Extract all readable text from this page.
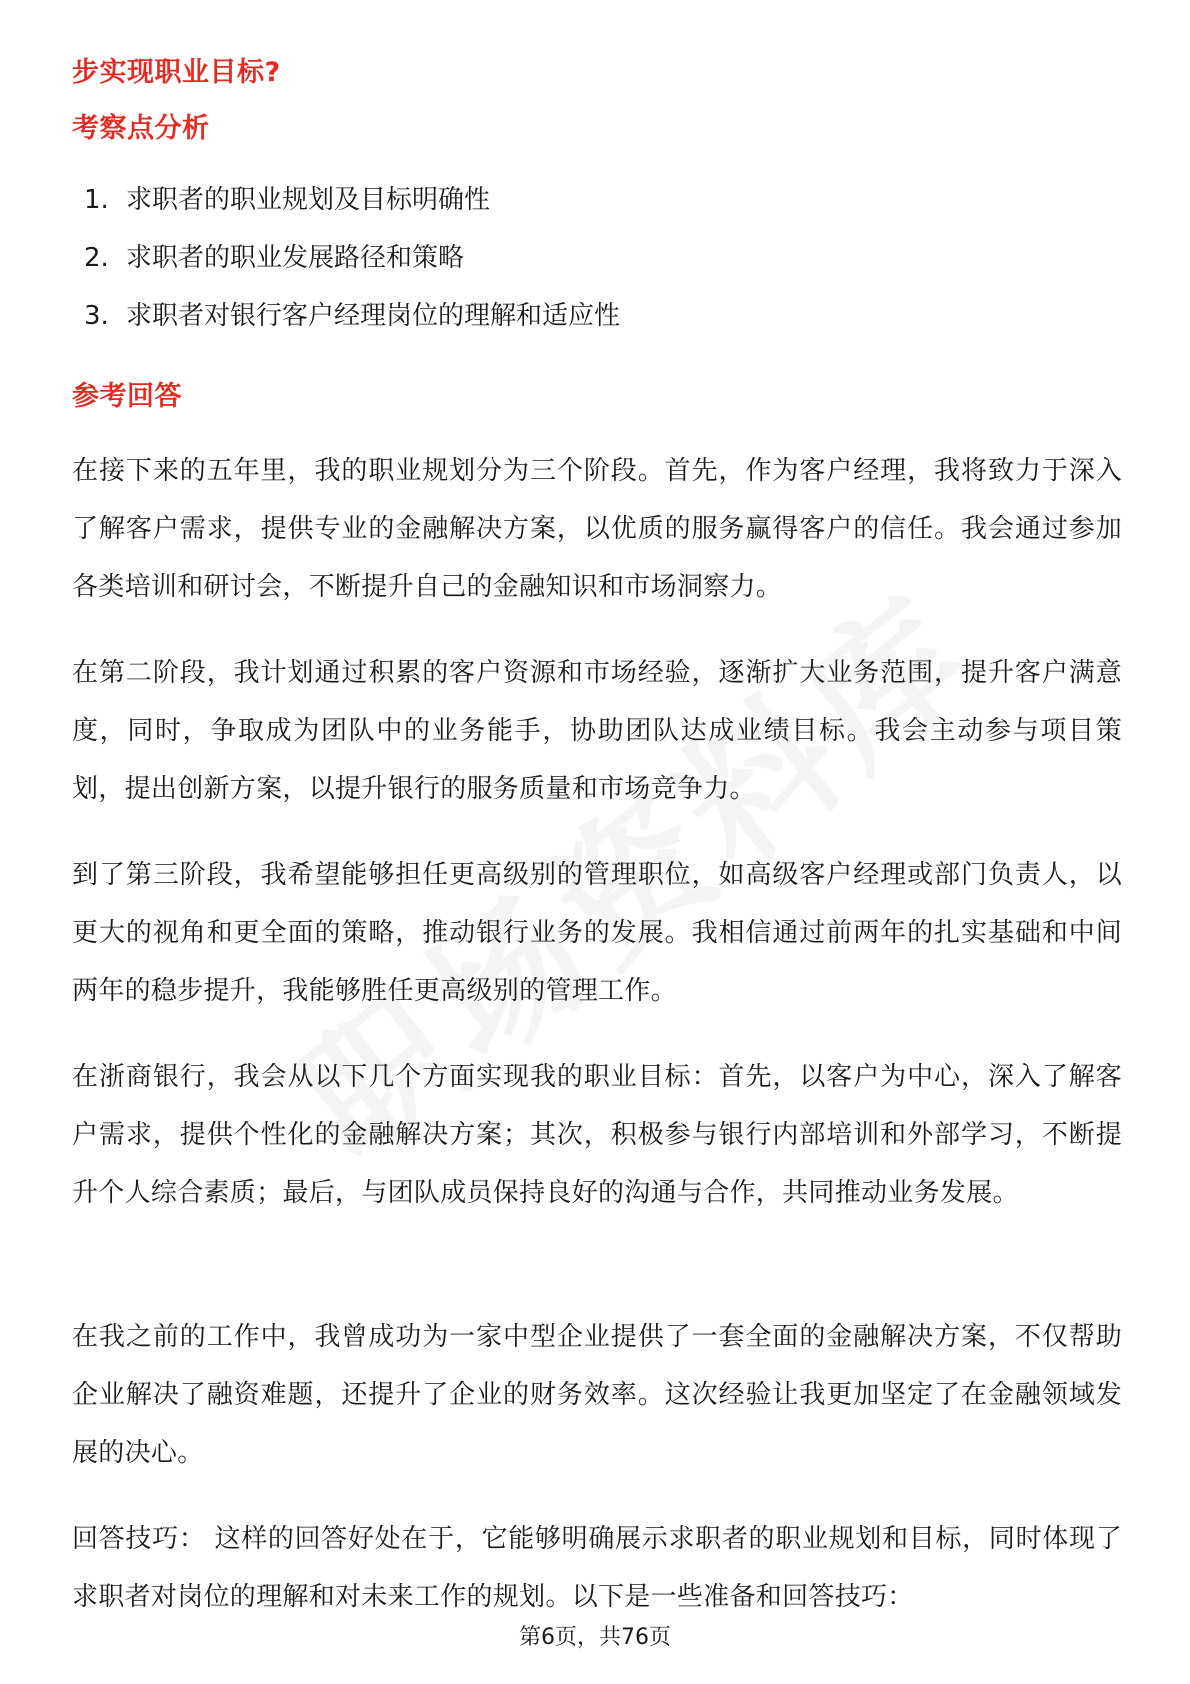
步实现职业目标?
考察点分析
1. 求职者的职业规划及目标明确性
2. 求职者的职业发展路径和策略
3. 求职者对银行客户经理岗位的理解和适应性
参考回答

在接下来的五年里，我的职业规划分为三个阶段。首先，作为客户经理，我将致力于深入了解客户需求，提供专业的金融解决方案，以优质的服务赢得客户的信任。我会通过参加各类培训和研讨会，不断提升自己的金融知识和市场洞察力。

在第二阶段，我计划通过积累的客户资源和市场经验，逐渐扩大业务范围，提升客户满意度，同时，争取成为团队中的业务能手，协助团队达成业绩目标。我会主动参与项目策划，提出创新方案，以提升银行的服务质量和市场竞争力。

到了第三阶段，我希望能够担任更高级别的管理职位，如高级客户经理或部门负责人，以更大的视角和更全面的策略，推动银行业务的发展。我相信通过前两年的扎实基础和中间两年的稳步提升，我能够胜任更高级别的管理工作。

在浙商银行，我会从以下几个方面实现我的职业目标：首先，以客户为中心，深入了解客户需求，提供个性化的金融解决方案；其次，积极参与银行内部培训和外部学习，不断提升个人综合素质；最后，与团队成员保持良好的沟通与合作，共同推动业务发展。

在我之前的工作中，我曾成功为一家中型企业提供了一套全面的金融解决方案，不仅帮助企业解决了融资难题，还提升了企业的财务效率。这次经验让我更加坚定了在金融领域发展的决心。

回答技巧： 这样的回答好处在于，它能够明确展示求职者的职业规划和目标，同时体现了求职者对岗位的理解和对未来工作的规划。以下是一些准备和回答技巧：

第6页，共76页
